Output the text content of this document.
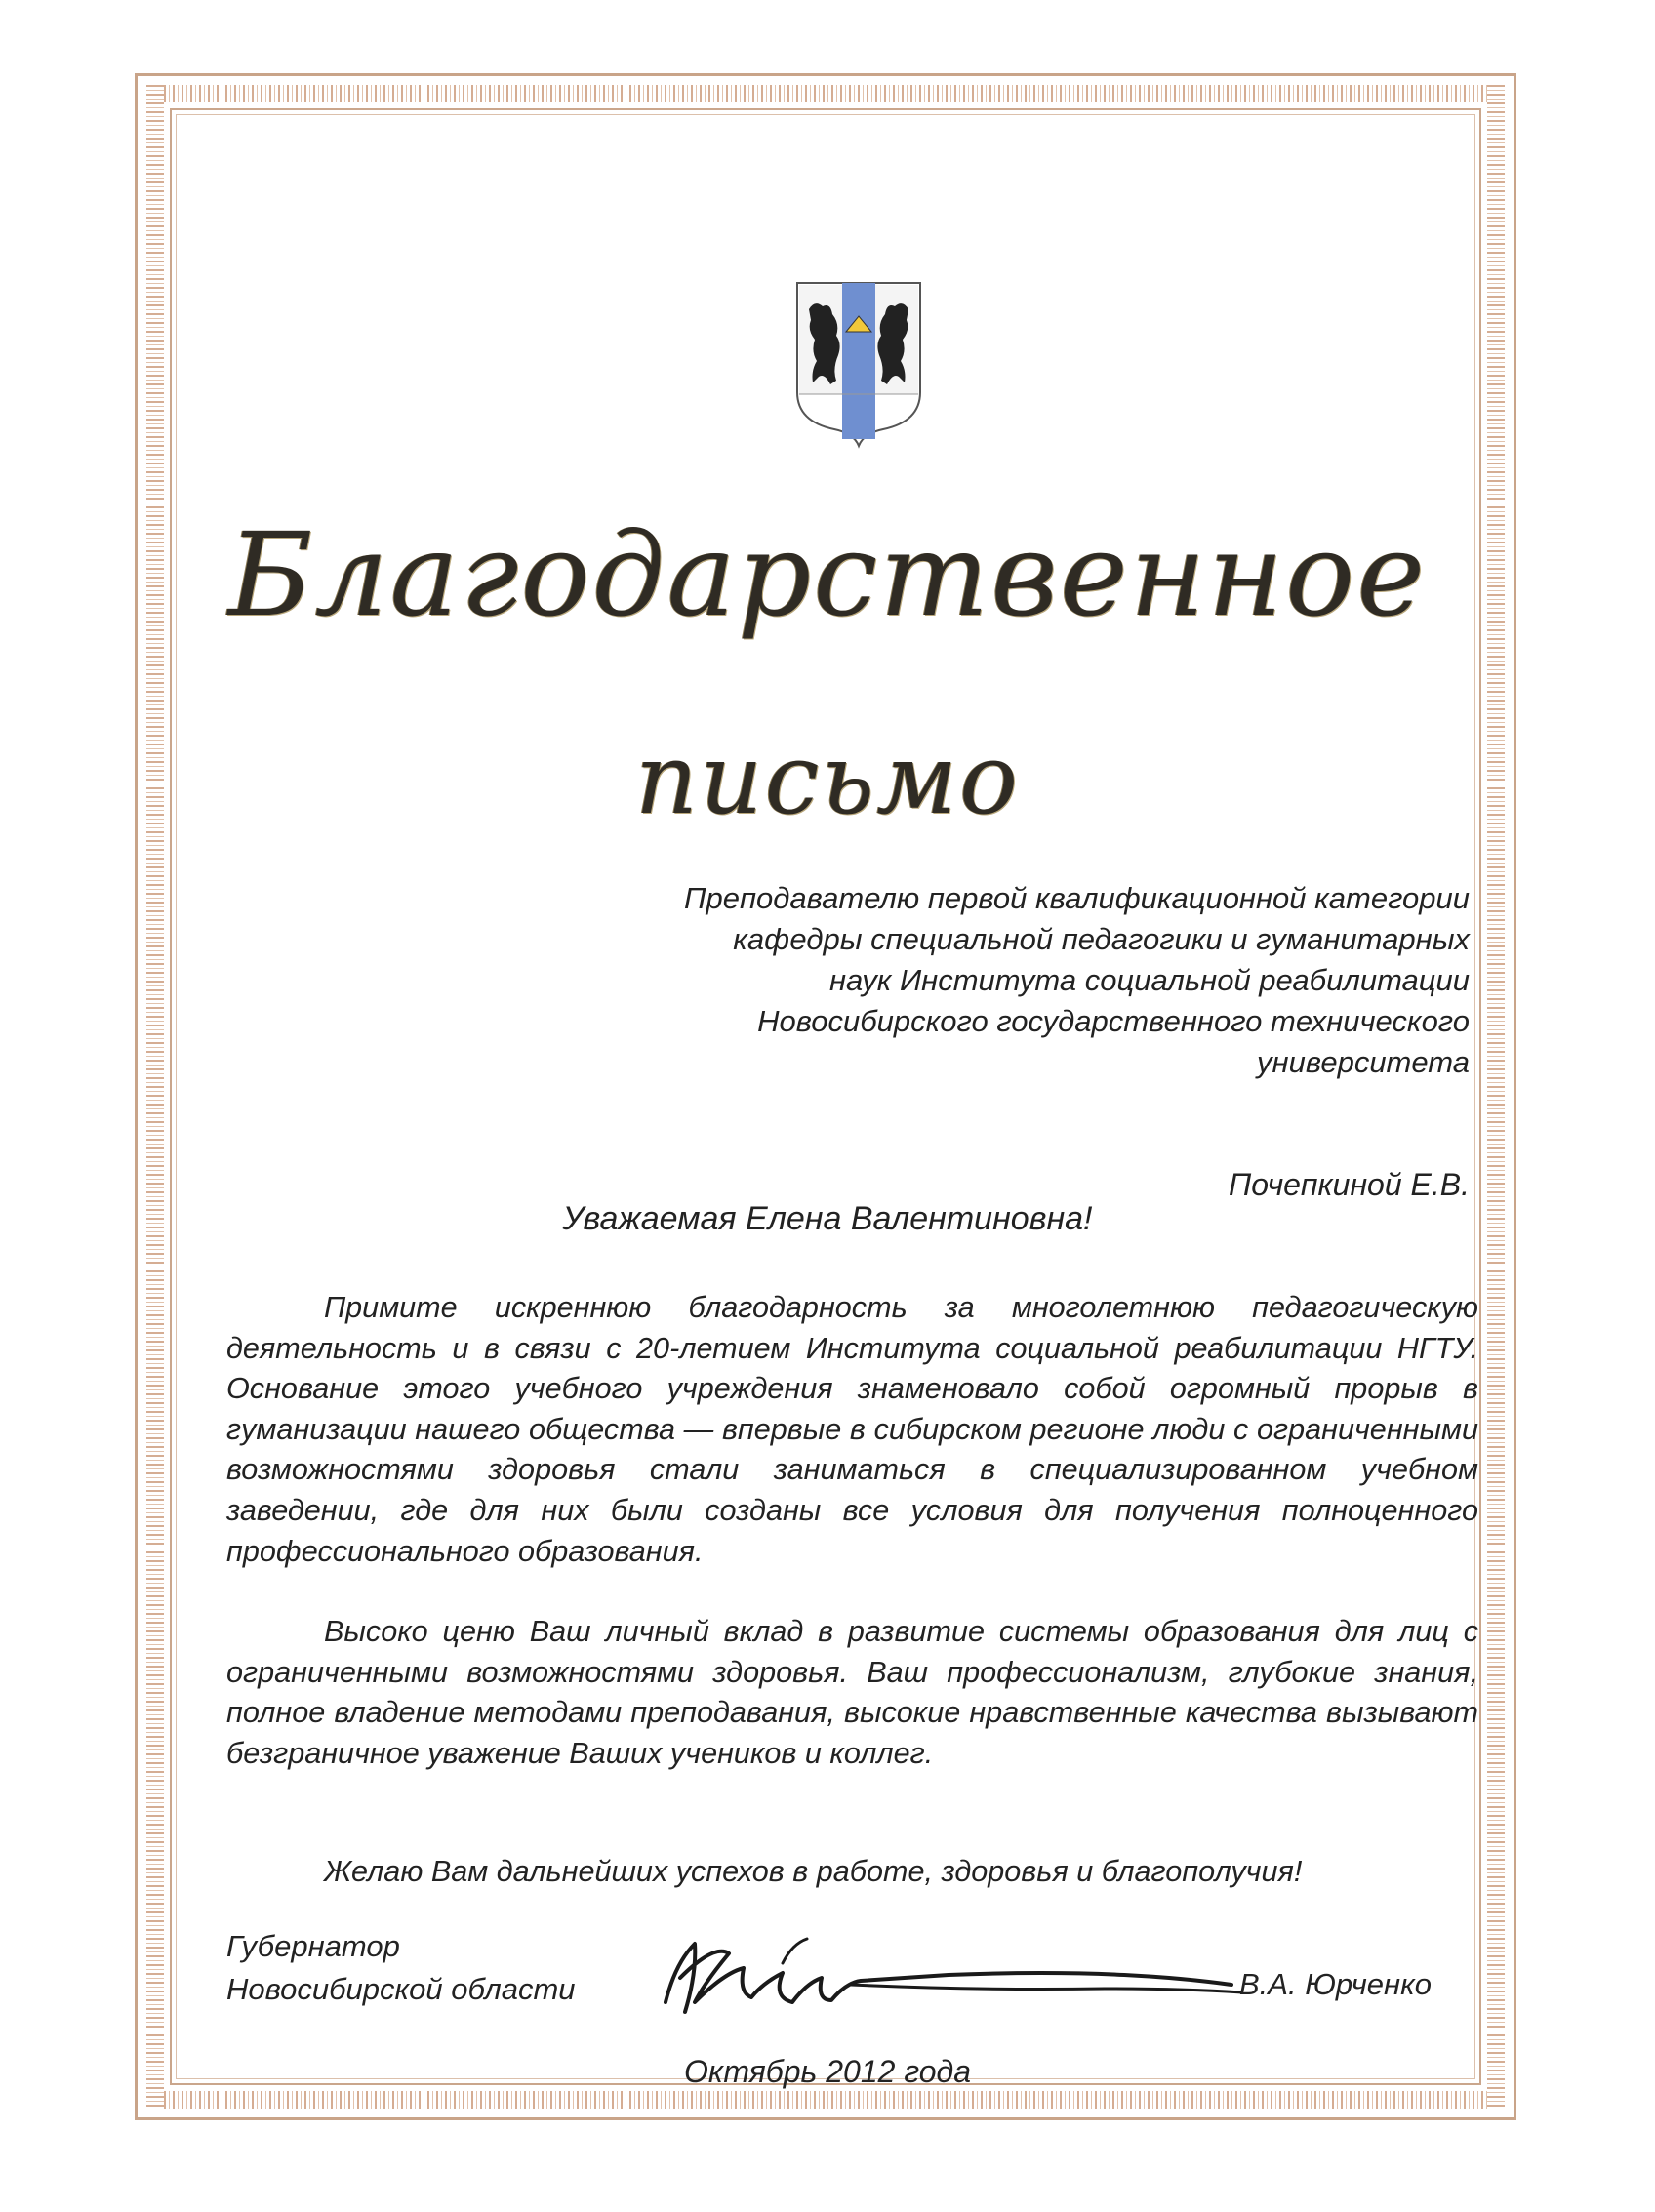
Благодарственное
письмо
Преподавателю первой квалификационной категории
кафедры специальной педагогики и гуманитарных
наук Института социальной реабилитации
Новосибирского государственного технического
университета
Почепкиной Е.В.
Уважаемая Елена Валентиновна!

Примите искреннюю благодарность за многолетнюю педагогическую деятельность и в связи с 20-летием Института социальной реабилитации НГТУ. Основание этого учебного учреждения знаменовало собой огромный прорыв в гуманизации нашего общества — впервые в сибирском регионе люди с ограниченными возможностями здоровья стали заниматься в специализированном учебном заведении, где для них были созданы все условия для получения полноценного профессионального образования.

Высоко ценю Ваш личный вклад в развитие системы образования для лиц с ограниченными возможностями здоровья. Ваш профессионализм, глубокие знания, полное владение методами преподавания, высокие нравственные качества вызывают безграничное уважение Ваших учеников и коллег.

Желаю Вам дальнейших успехов в работе, здоровья и благополучия!

Губернатор
Новосибирской области	В.А. Юрченко
Октябрь 2012 года
